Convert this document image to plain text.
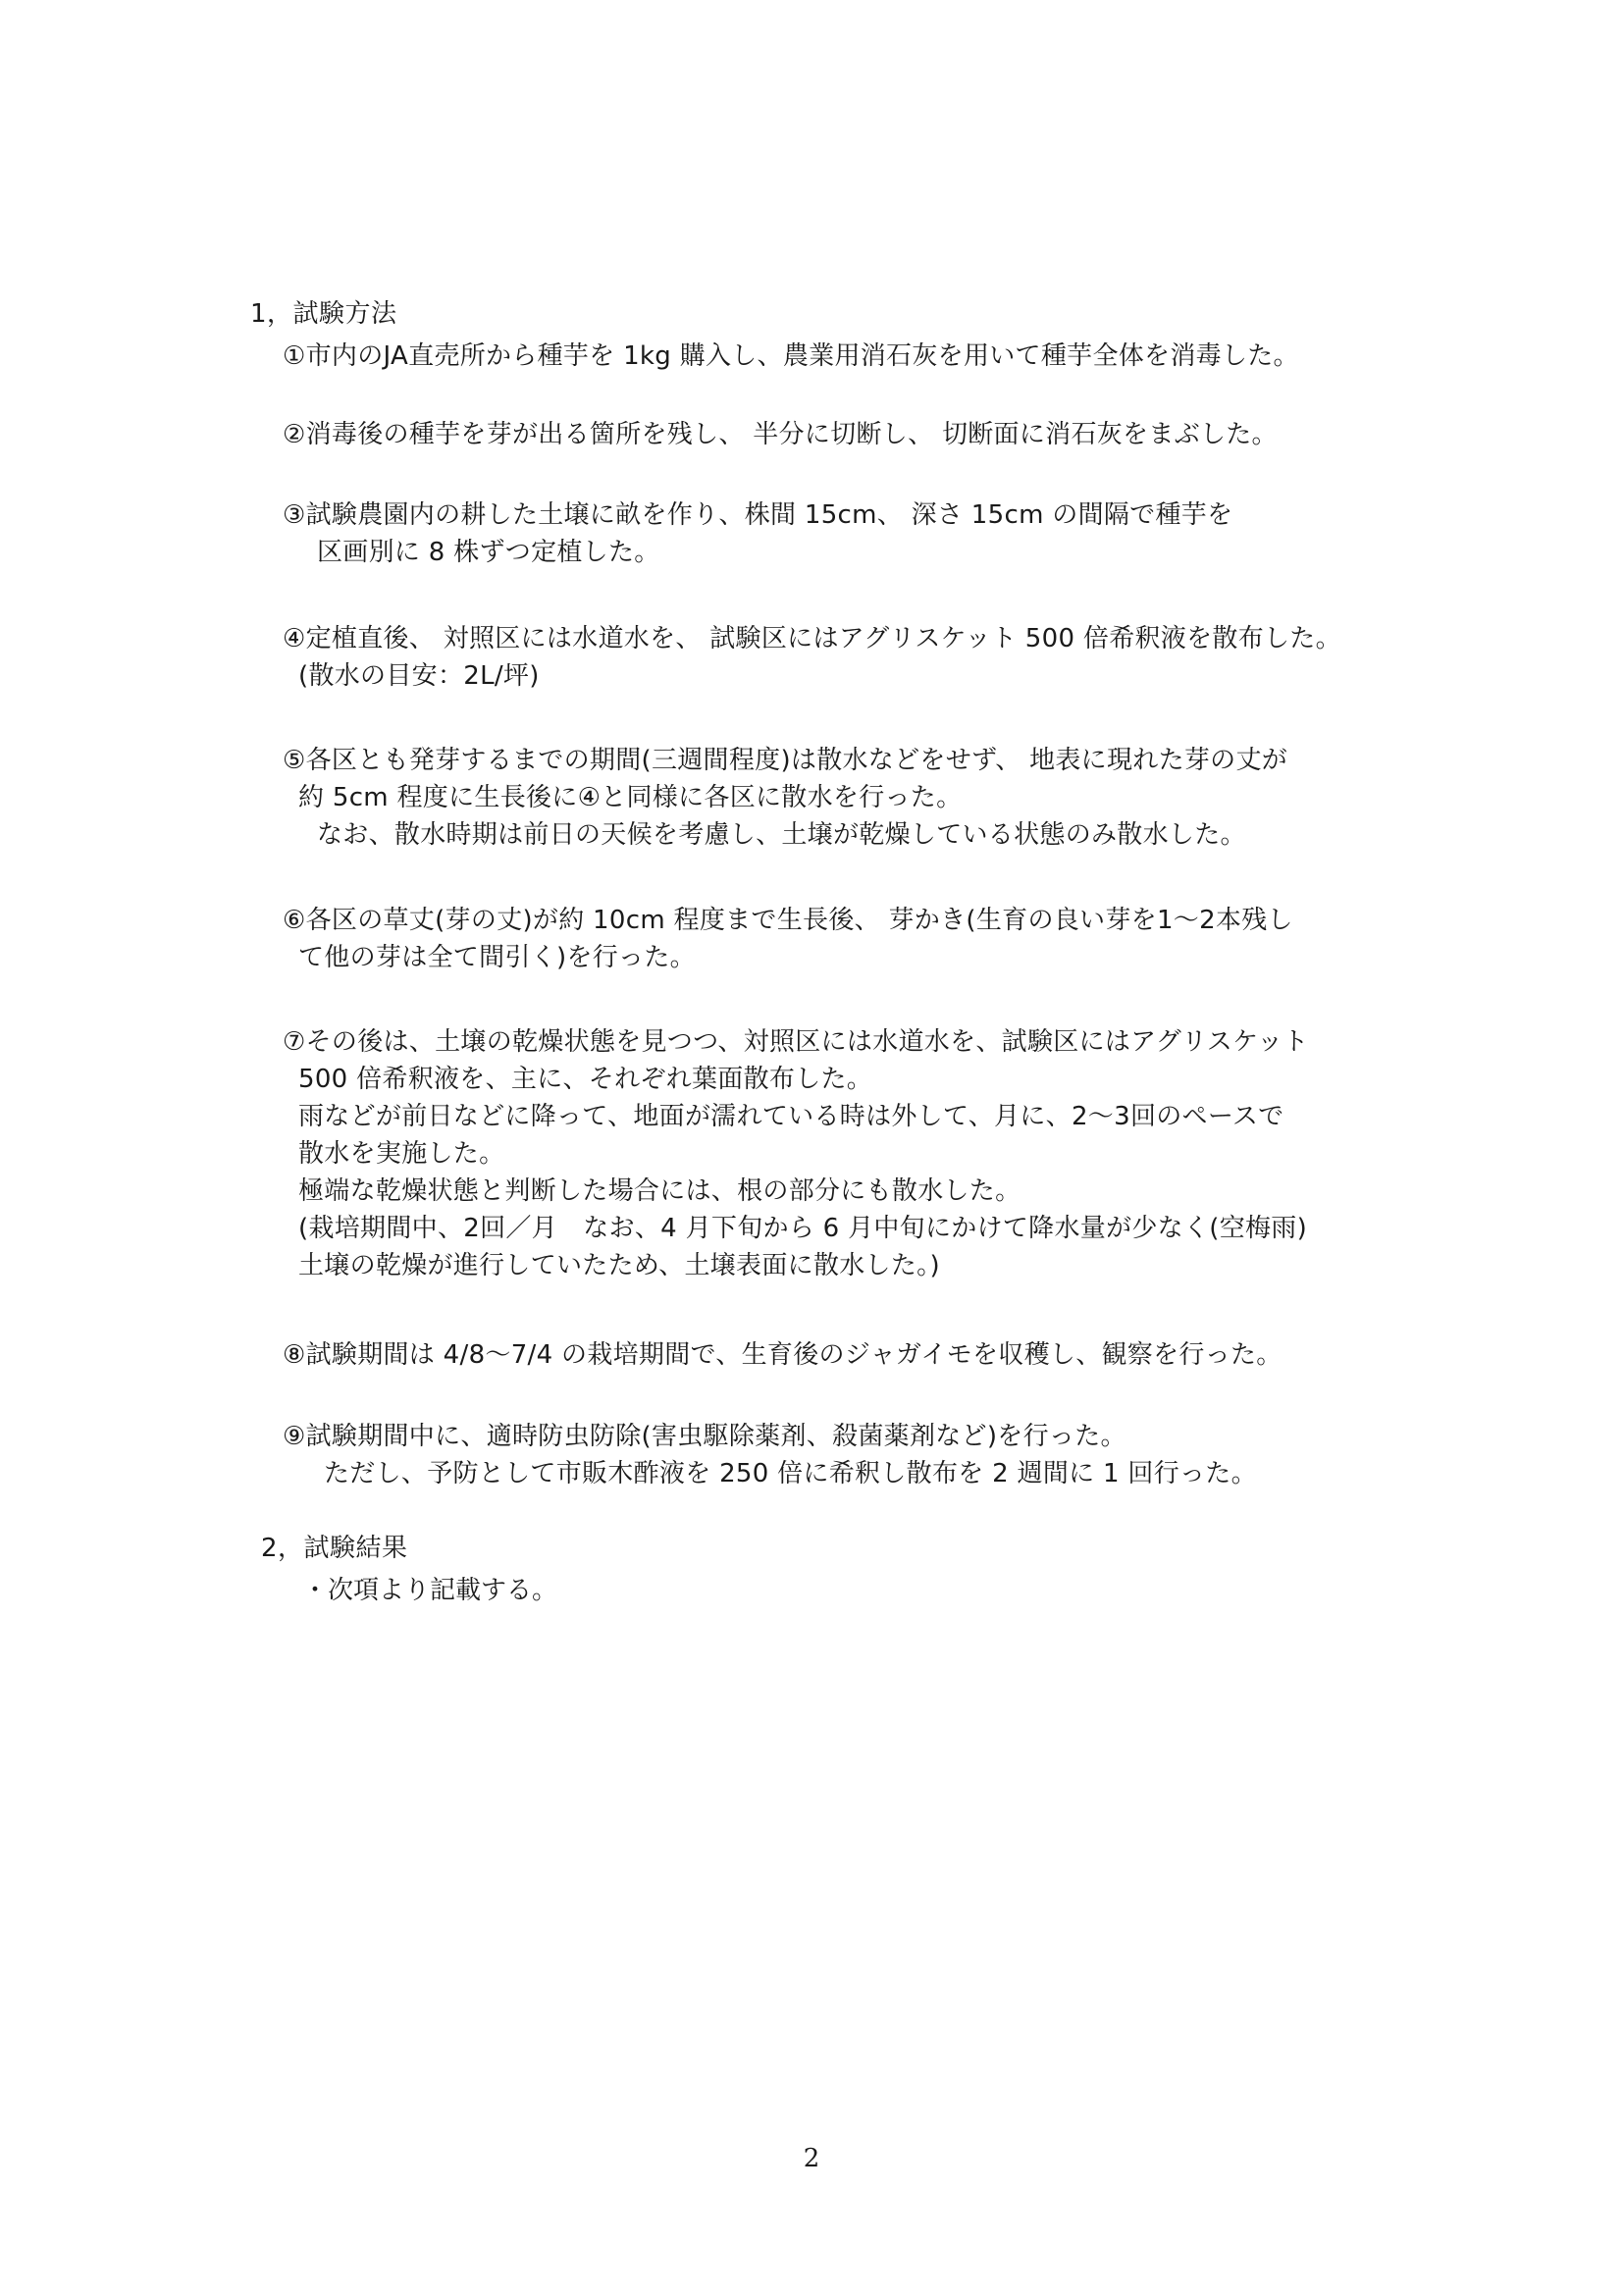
1，試験方法
①市内のJA直売所から種芋を 1kg 購入し、農業用消石灰を用いて種芋全体を消毒した。
②消毒後の種芋を芽が出る箇所を残し、 半分に切断し、 切断面に消石灰をまぶした。
③試験農園内の耕した土壌に畝を作り、株間 15cm、 深さ 15cm の間隔で種芋を
区画別に 8 株ずつ定植した。
④定植直後、 対照区には水道水を、 試験区にはアグリスケット 500 倍希釈液を散布した。
(散水の目安：2L/坪)
⑤各区とも発芽するまでの期間(三週間程度)は散水などをせず、 地表に現れた芽の丈が
約 5cm 程度に生長後に④と同様に各区に散水を行った。
なお、散水時期は前日の天候を考慮し、土壌が乾燥している状態のみ散水した。
⑥各区の草丈(芽の丈)が約 10cm 程度まで生長後、 芽かき(生育の良い芽を1～2本残し
て他の芽は全て間引く)を行った。
⑦その後は、土壌の乾燥状態を見つつ、対照区には水道水を、試験区にはアグリスケット
500 倍希釈液を、主に、それぞれ葉面散布した。
雨などが前日などに降って、地面が濡れている時は外して、月に、2～3回のペースで
散水を実施した。
極端な乾燥状態と判断した場合には、根の部分にも散水した。
(栽培期間中、2回／月　なお、4 月下旬から 6 月中旬にかけて降水量が少なく(空梅雨)
土壌の乾燥が進行していたため、土壌表面に散水した。)
⑧試験期間は 4/8～7/4 の栽培期間で、生育後のジャガイモを収穫し、観察を行った。
⑨試験期間中に、適時防虫防除(害虫駆除薬剤、殺菌薬剤など)を行った。
ただし、予防として市販木酢液を 250 倍に希釈し散布を 2 週間に 1 回行った。
2，試験結果
・次項より記載する。
2
